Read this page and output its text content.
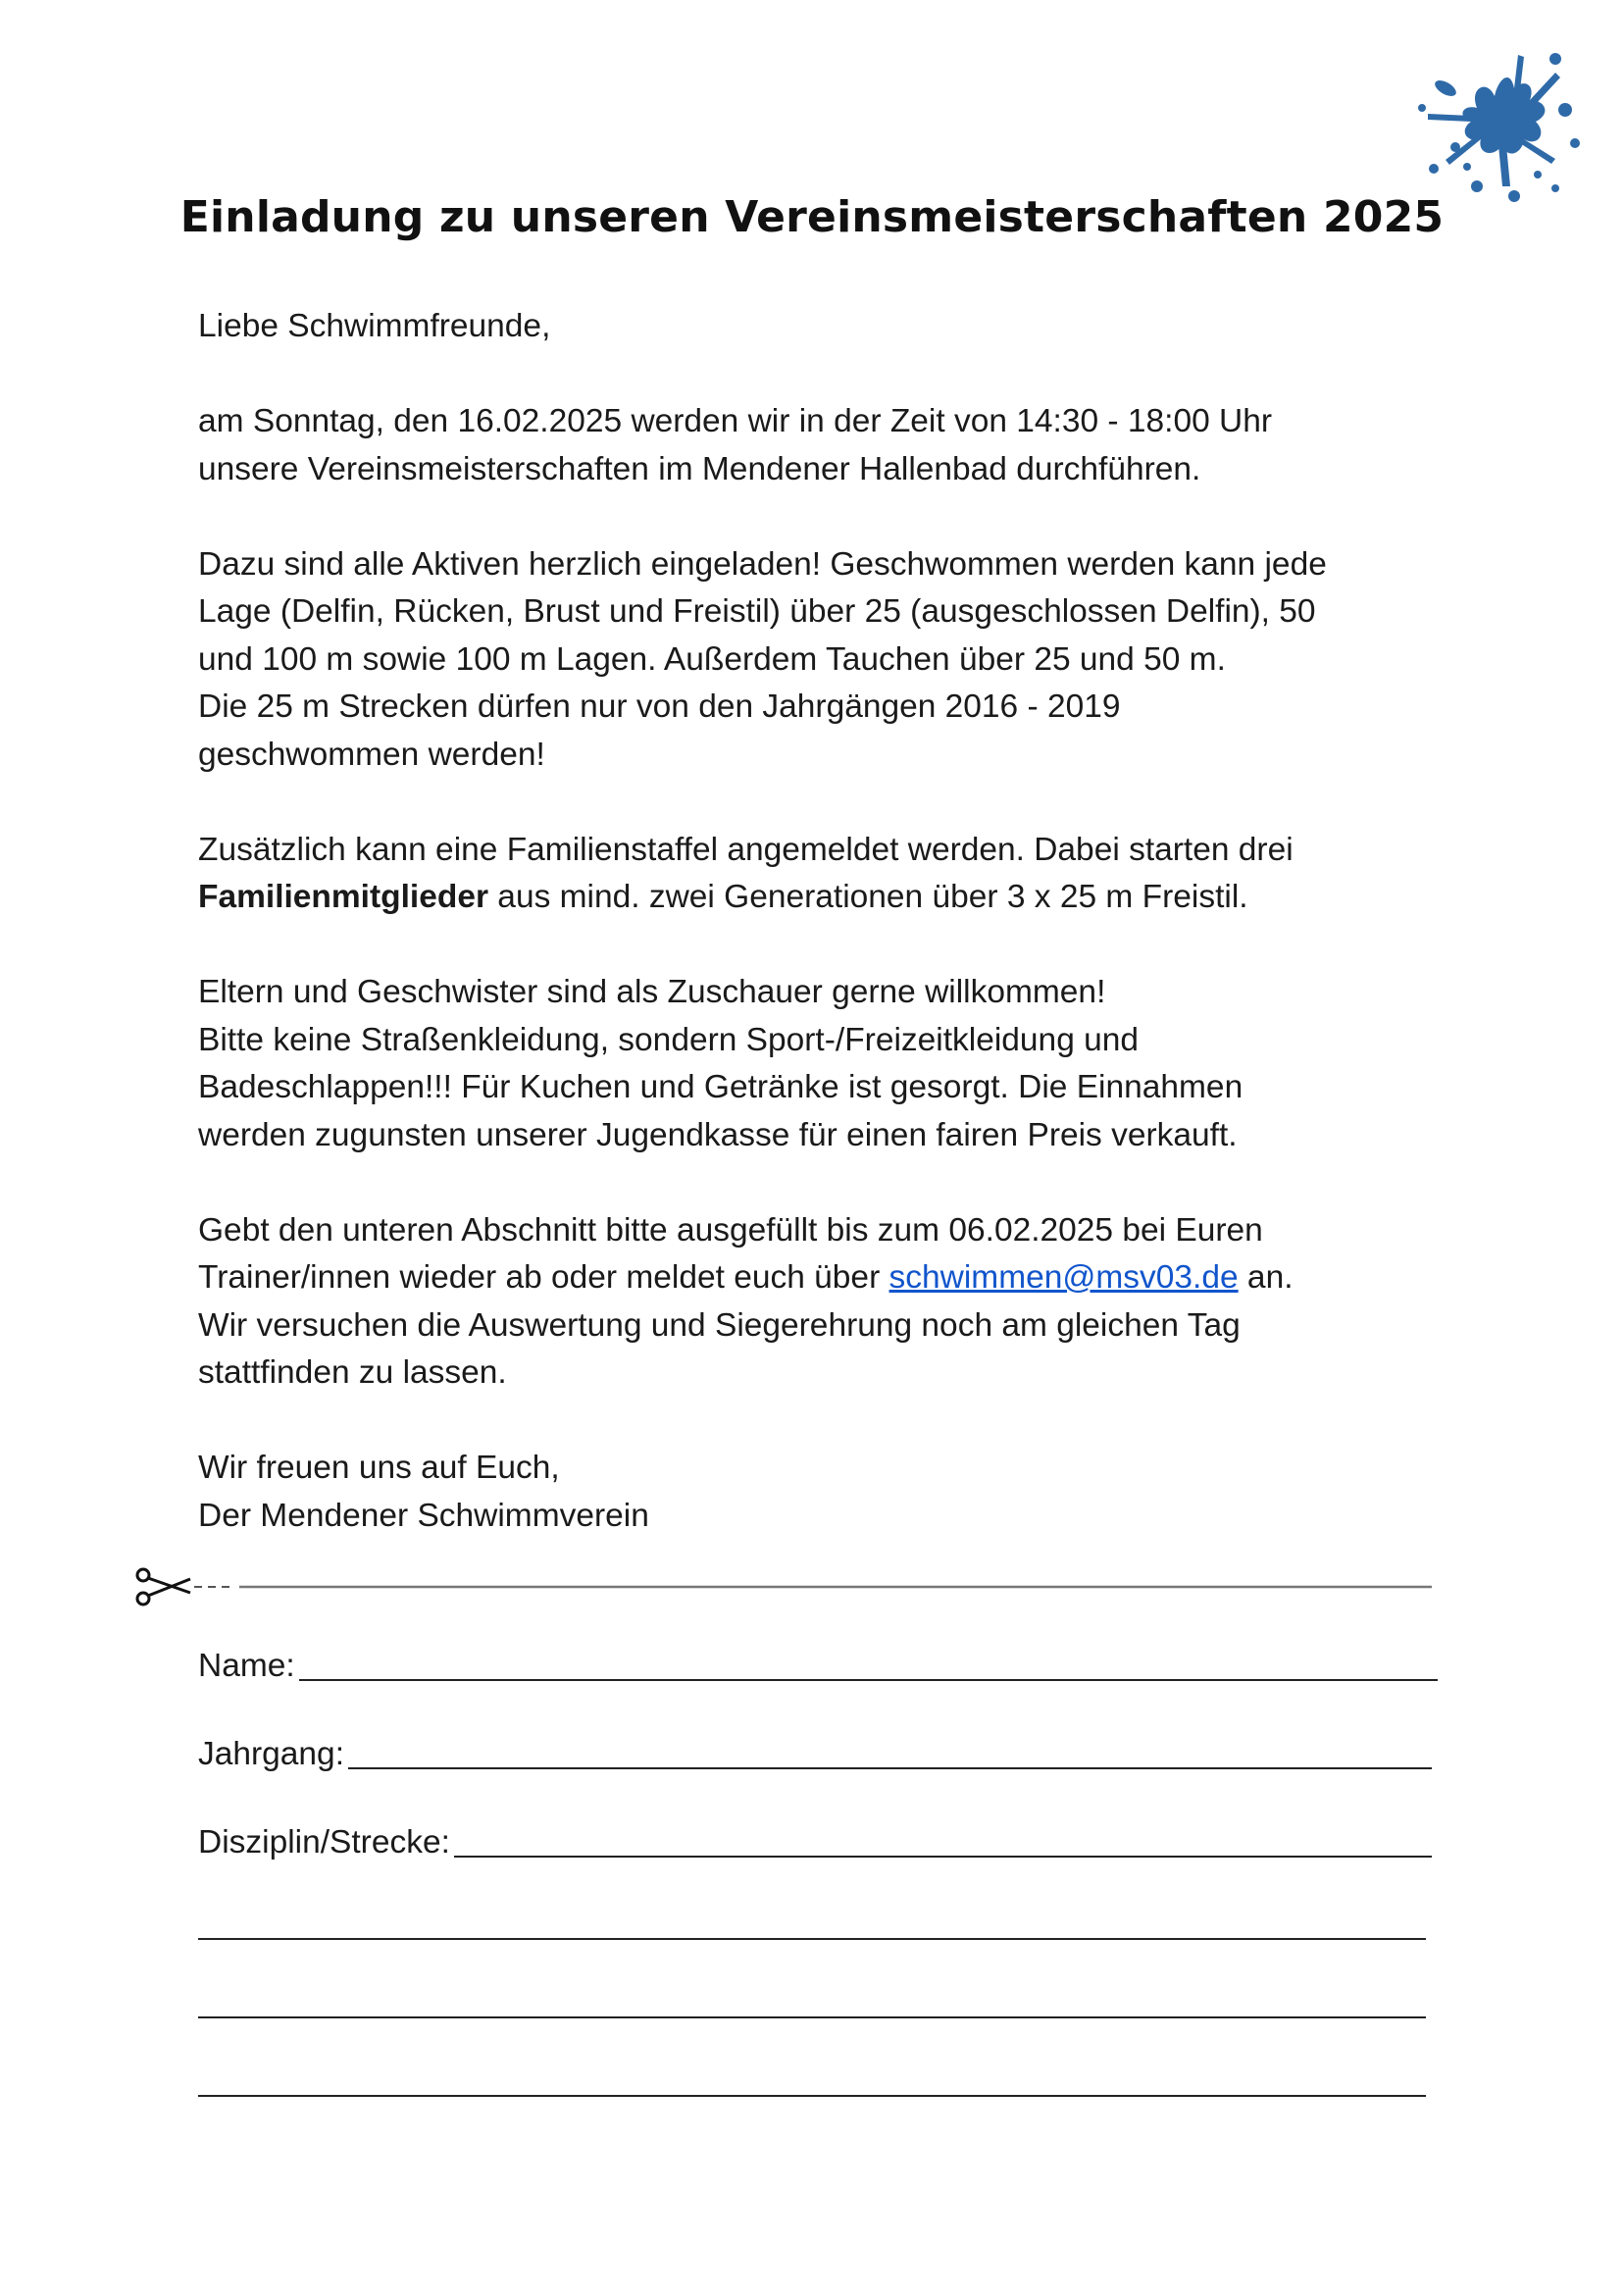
Einladung zu unseren Vereinsmeisterschaften 2025

Liebe Schwimmfreunde,

am Sonntag, den 16.02.2025 werden wir in der Zeit von 14:30 - 18:00 Uhr

unsere Vereinsmeisterschaften im Mendener Hallenbad durchführen.

Dazu sind alle Aktiven herzlich eingeladen! Geschwommen werden kann jede

Lage (Delfin, Rücken, Brust und Freistil) über 25 (ausgeschlossen Delfin), 50

und 100 m sowie 100 m Lagen. Außerdem Tauchen über 25 und 50 m.

Die 25 m Strecken dürfen nur von den Jahrgängen 2016 - 2019

geschwommen werden!

Zusätzlich kann eine Familienstaffel angemeldet werden. Dabei starten drei

Familienmitglieder aus mind. zwei Generationen über 3 x 25 m Freistil.

Eltern und Geschwister sind als Zuschauer gerne willkommen!

Bitte keine Straßenkleidung, sondern Sport-/Freizeitkleidung und

Badeschlappen!!! Für Kuchen und Getränke ist gesorgt. Die Einnahmen

werden zugunsten unserer Jugendkasse für einen fairen Preis verkauft.

Gebt den unteren Abschnitt bitte ausgefüllt bis zum 06.02.2025 bei Euren

Trainer/innen wieder ab oder meldet euch über schwimmen@msv03.de an.

Wir versuchen die Auswertung und Siegerehrung noch am gleichen Tag

stattfinden zu lassen.

Wir freuen uns auf Euch,

Der Mendener Schwimmverein

Name:
Jahrgang:
Disziplin/Strecke:
